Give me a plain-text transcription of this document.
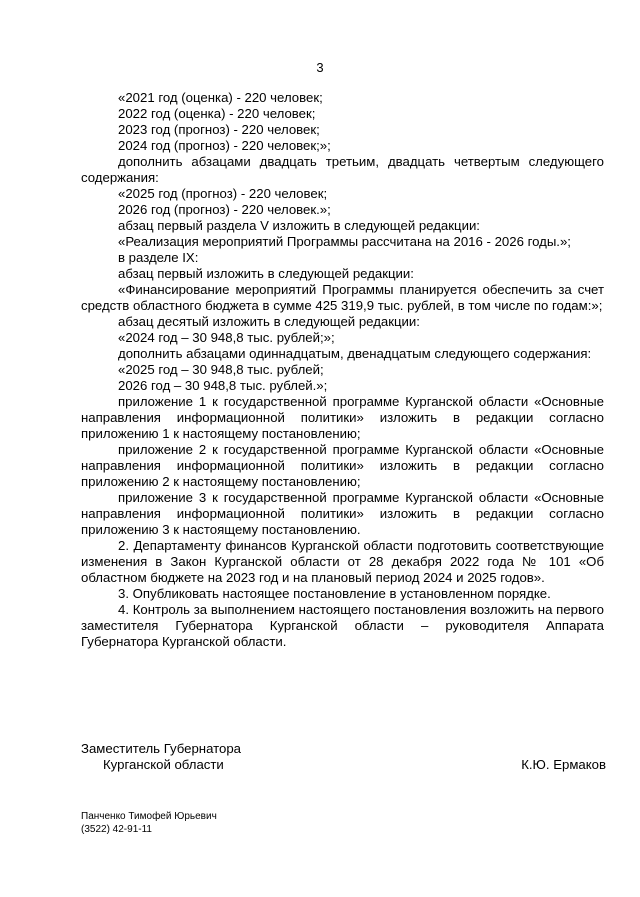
3

«2021 год (оценка) - 220 человек;

2022 год (оценка) - 220 человек;

2023 год (прогноз) - 220 человек;

2024 год (прогноз) - 220 человек;»;

дополнить абзацами двадцать третьим, двадцать четвертым следующего содержания:

«2025 год (прогноз) - 220 человек;

2026 год (прогноз) - 220 человек.»;

абзац первый раздела V изложить в следующей редакции:

«Реализация мероприятий Программы рассчитана на 2016 - 2026 годы.»;

в разделе IX:

абзац первый изложить в следующей редакции:

«Финансирование мероприятий Программы планируется обеспечить за счет средств областного бюджета в сумме 425 319,9 тыс. рублей, в том числе по годам:»;

абзац десятый изложить в следующей редакции:

«2024 год – 30 948,8 тыс. рублей;»;

дополнить абзацами одиннадцатым, двенадцатым следующего содержания:

«2025 год – 30 948,8 тыс. рублей;

2026 год – 30 948,8 тыс. рублей.»;

приложение 1 к государственной программе Курганской области «Основные направления информационной политики» изложить в редакции согласно приложению 1 к настоящему постановлению;

приложение 2 к государственной программе Курганской области «Основные направления информационной политики» изложить в редакции согласно приложению 2 к настоящему постановлению;

приложение 3 к государственной программе Курганской области «Основные направления информационной политики» изложить в редакции согласно приложению 3 к настоящему постановлению.

2. Департаменту финансов Курганской области подготовить соответствующие изменения в Закон Курганской области от 28 декабря 2022 года № 101 «Об областном бюджете на 2023 год и на плановый период 2024 и 2025 годов».

3. Опубликовать настоящее постановление в установленном порядке.

4. Контроль за выполнением настоящего постановления возложить на первого заместителя Губернатора Курганской области – руководителя Аппарата Губернатора Курганской области.

Заместитель Губернатора
Курганской области	К.Ю. Ермаков
Панченко Тимофей Юрьевич
(3522) 42-91-11
